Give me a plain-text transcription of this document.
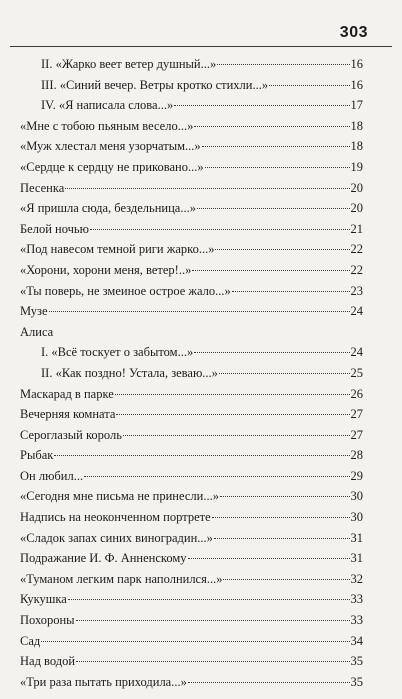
303
II. «Жарко веет ветер душный...»	16
III. «Синий вечер. Ветры кротко стихли...»	16
IV. «Я написала слова...»	17
«Мне с тобою пьяным весело...»	18
«Муж хлестал меня узорчатым...»	18
«Сердце к сердцу не приковано...»	19
Песенка	20
«Я пришла сюда, бездельница...»	20
Белой ночью	21
«Под навесом темной риги жарко...»	22
«Хорони, хорони меня, ветер!..»	22
«Ты поверь, не змеиное острое жало...»	23
Музе	24
Алиса
I. «Всё тоскует о забытом...»	24
II. «Как поздно! Устала, зеваю...»	25
Маскарад в парке	26
Вечерняя комната	27
Сероглазый король	27
Рыбак	28
Он любил...	29
«Сегодня мне письма не принесли...»	30
Надпись на неоконченном портрете	30
«Сладок запах синих виноградин...»	31
Подражание И. Ф. Анненскому	31
«Туманом легким парк наполнился...»	32
Кукушка	33
Похороны	33
Сад	34
Над водой	35
«Три раза пытать приходила...»	35
